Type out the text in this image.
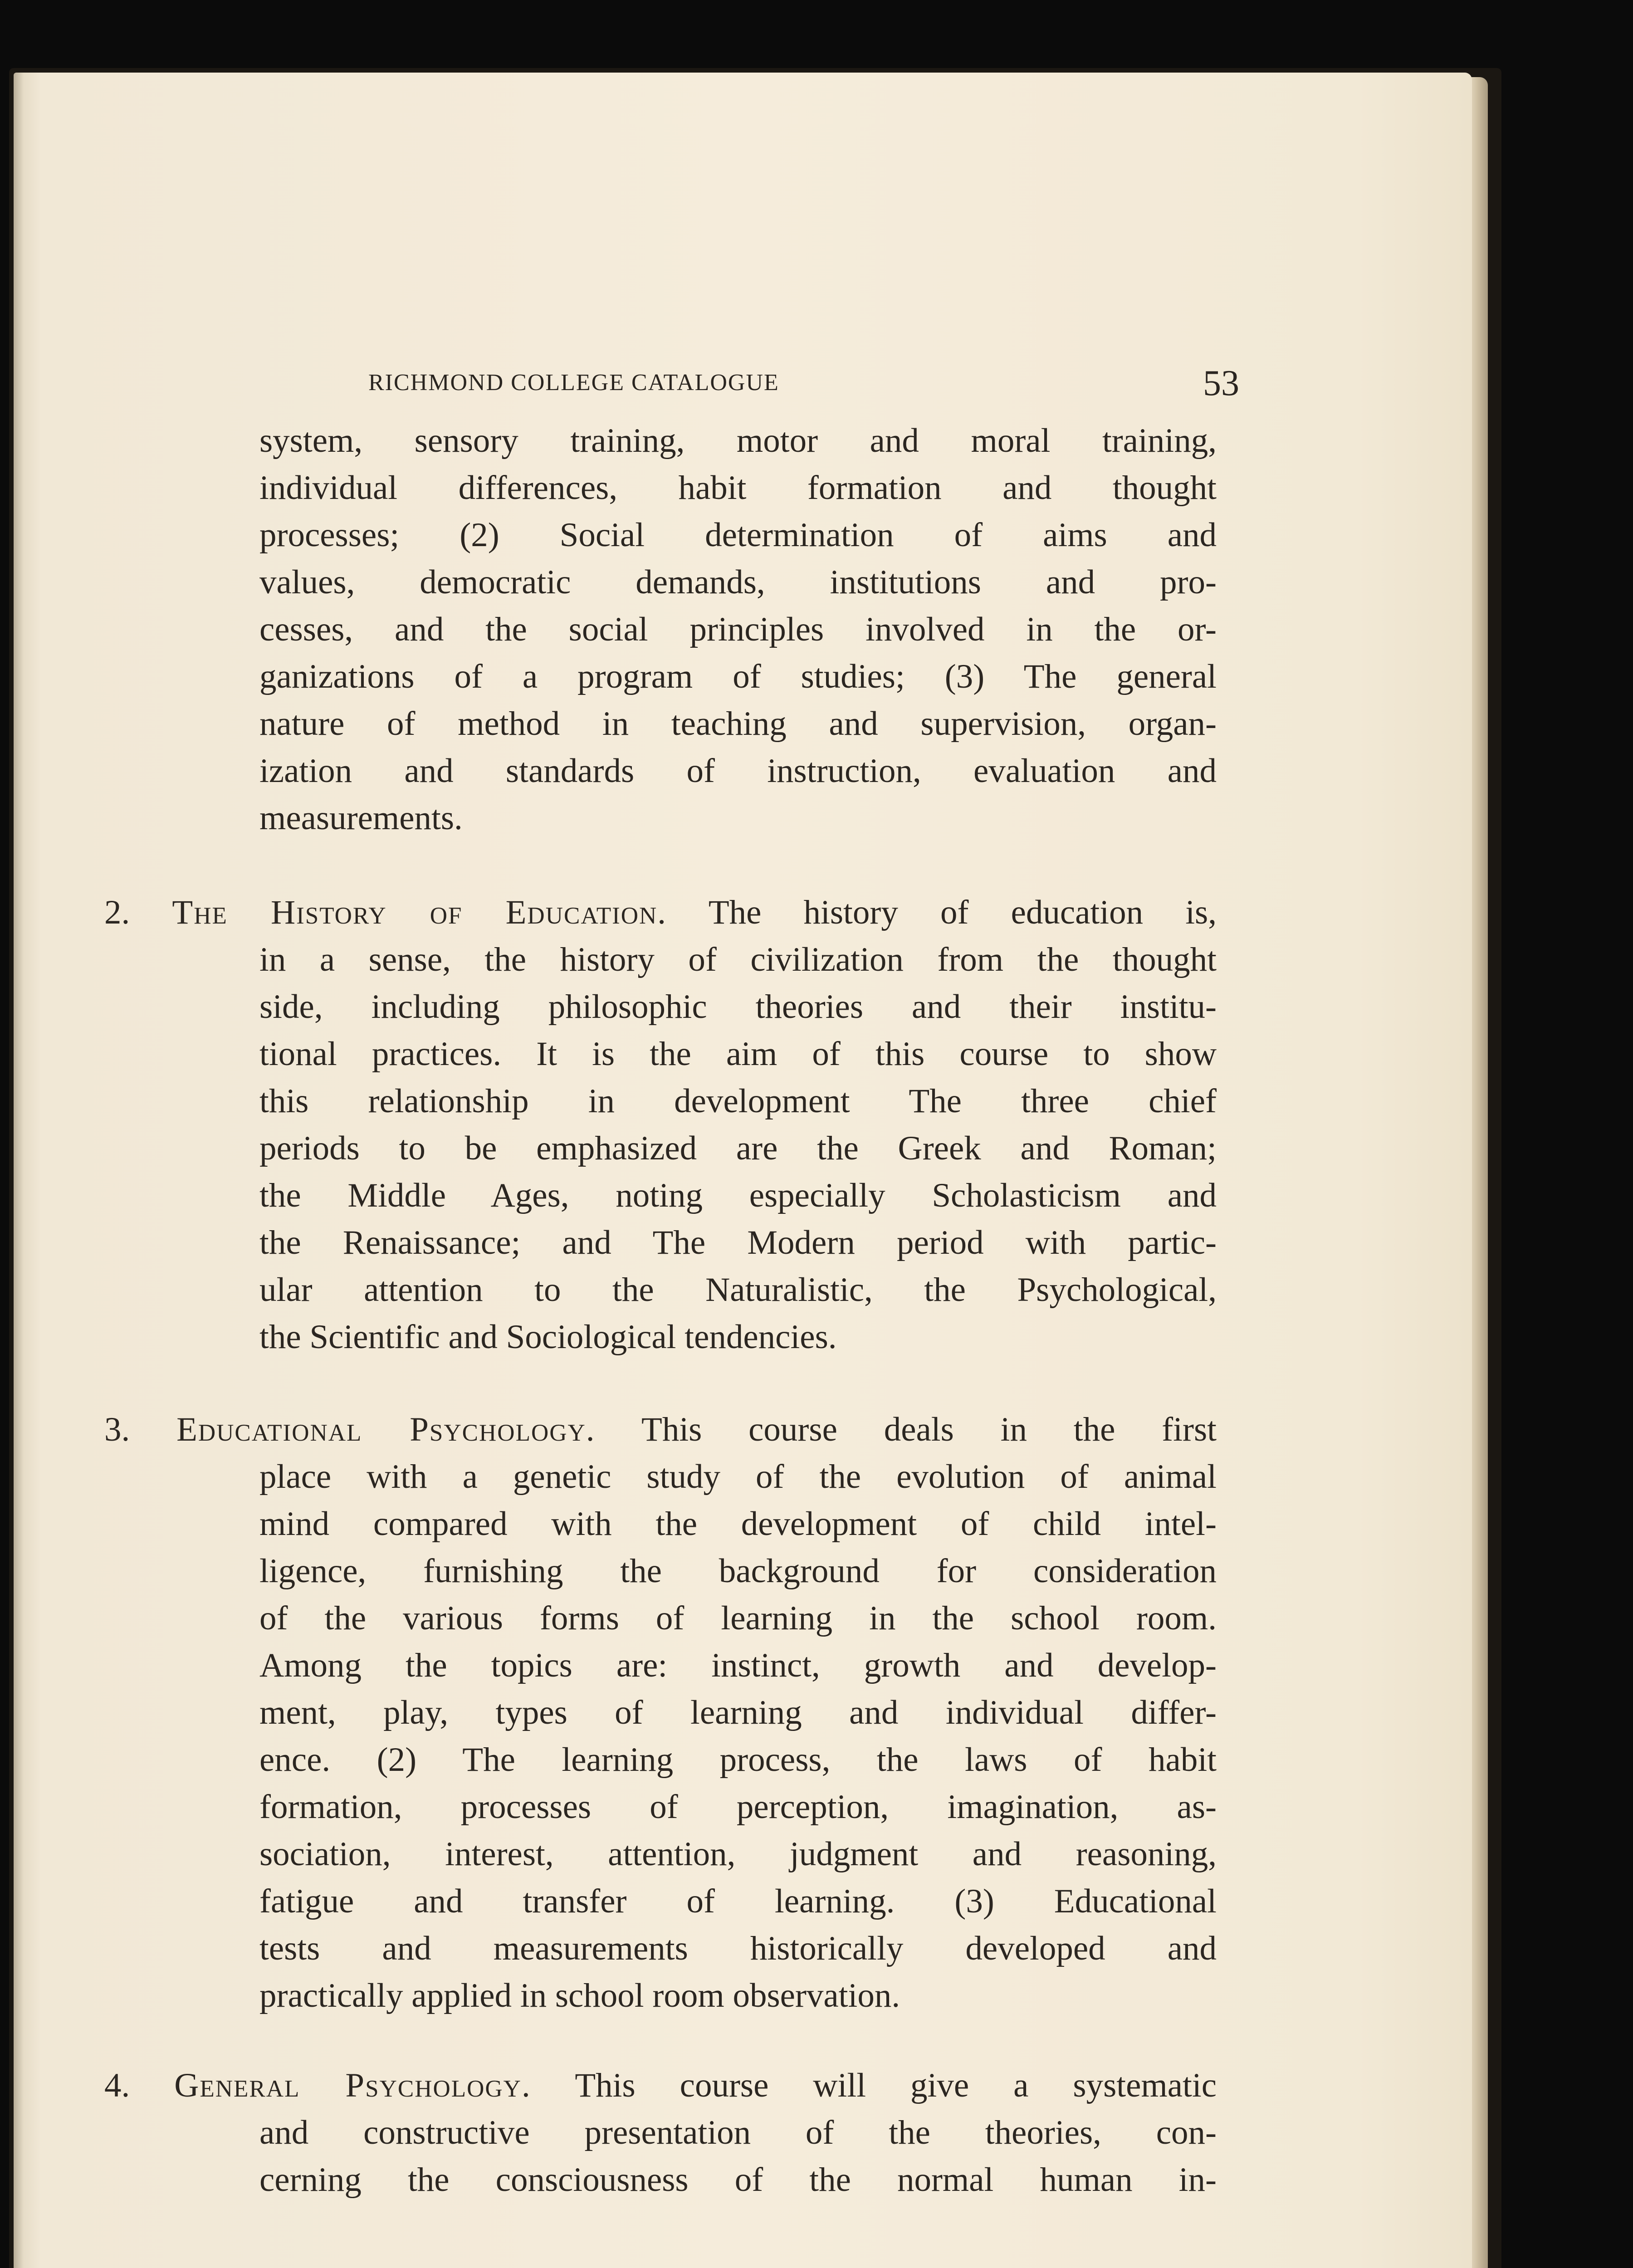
RICHMOND COLLEGE CATALOGUE	53
system, sensory training, motor and moral training,
individual differences, habit formation and thought
processes; (2) Social determination of aims and
values, democratic demands, institutions and pro-
cesses, and the social principles involved in the or-
ganizations of a program of studies; (3) The general
nature of method in teaching and supervision, organ-
ization and standards of instruction, evaluation and
measurements.
2. The History of Education. The history of education is,
in a sense, the history of civilization from the thought
side, including philosophic theories and their institu-
tional practices. It is the aim of this course to show
this relationship in development The three chief
periods to be emphasized are the Greek and Roman;
the Middle Ages, noting especially Scholasticism and
the Renaissance; and The Modern period with partic-
ular attention to the Naturalistic, the Psychological,
the Scientific and Sociological tendencies.
3. Educational Psychology. This course deals in the first
place with a genetic study of the evolution of animal
mind compared with the development of child intel-
ligence, furnishing the background for consideration
of the various forms of learning in the school room.
Among the topics are: instinct, growth and develop-
ment, play, types of learning and individual differ-
ence. (2) The learning process, the laws of habit
formation, processes of perception, imagination, as-
sociation, interest, attention, judgment and reasoning,
fatigue and transfer of learning. (3) Educational
tests and measurements historically developed and
practically applied in school room observation.
4. General Psychology. This course will give a systematic
and constructive presentation of the theories, con-
cerning the consciousness of the normal human in-
